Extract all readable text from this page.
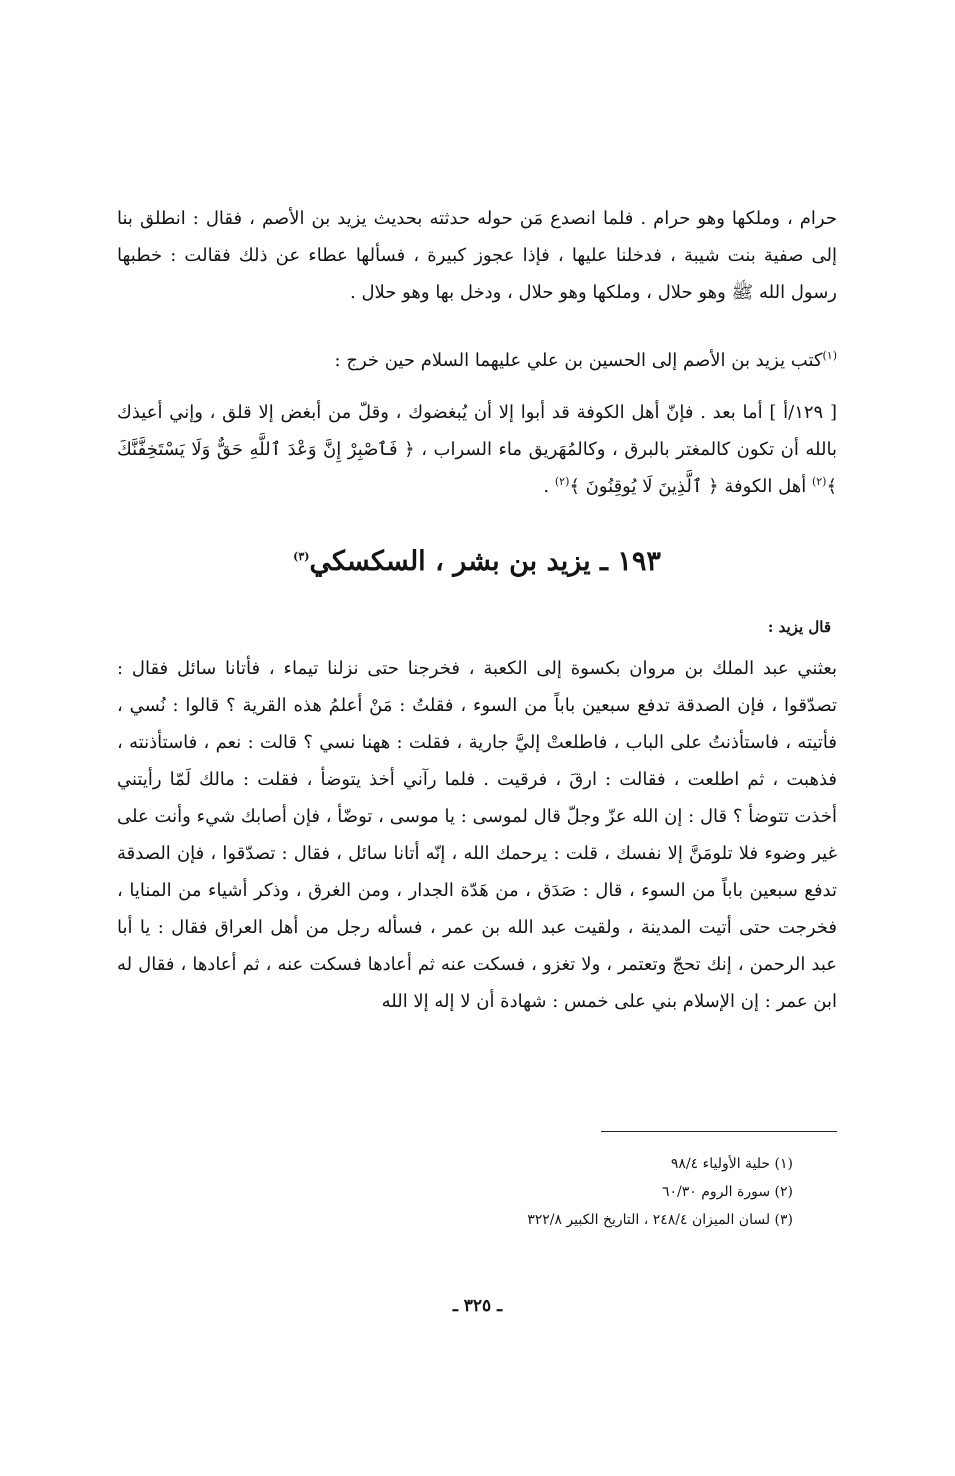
حرام ، وملكها وهو حرام . فلما انصدع مَن حوله حدثته بحديث يزيد بن الأصم ، فقال : انطلق بنا إلى صفية بنت شيبة ، فدخلنا عليها ، فإذا عجوز كبيرة ، فسألها عطاء عن ذلك فقالت : خطبها رسول الله ﷺ وهو حلال ، وملكها وهو حلال ، ودخل بها وهو حلال .

$^{(١)}$كتب يزيد بن الأصم إلى الحسين بن علي عليهما السلام حين خرج :

[ ١٢٩/أ ] أما بعد . فإنّ أهل الكوفة قد أبوا إلا أن يُبغضوك ، وقلّ من أبغض إلا قلق ، وإني أعيذك بالله أن تكون كالمغتر بالبرق ، وكالمُهَريق ماء السراب ، ﴿ فَٱصْبِرْ إِنَّ وَعْدَ ٱللَّهِ حَقٌّ وَلَا يَسْتَخِفَّنَّكَ ﴾$^{(٢)}$ أهل الكوفة ﴿ ٱلَّذِينَ لَا يُوقِنُونَ ﴾$^{(٢)}$ .

١٩٣ ـ يزيد بن بشر ، السكسكي$^{(٣)}$

قال يزيد :

بعثني عبد الملك بن مروان بكسوة إلى الكعبة ، فخرجنا حتى نزلنا تيماء ، فأتانا سائل فقال : تصدّقوا ، فإن الصدقة تدفع سبعين باباً من السوء ، فقلتُ : مَنْ أعلمُ هذه القرية ؟ قالوا : نُسي ، فأتيته ، فاستأذنتُ على الباب ، فاطلعتْ إليَّ جارية ، فقلت : ههنا نسي ؟ قالت : نعم ، فاستأذنته ، فذهبت ، ثم اطلعت ، فقالت : ارقَ ، فرقيت . فلما رآني أخذ يتوضأ ، فقلت : مالك لَمّا رأيتني أخذت تتوضأ ؟ قال : إن الله عزّ وجلّ قال لموسى : يا موسى ، توضّأ ، فإن أصابك شيء وأنت على غير وضوء فلا تلومَنَّ إلا نفسك ، قلت : يرحمك الله ، إنّه أتانا سائل ، فقال : تصدّقوا ، فإن الصدقة تدفع سبعين باباً من السوء ، قال : صَدَق ، من هَدّة الجدار ، ومن الغرق ، وذكر أشياء من المنايا ، فخرجت حتى أتيت المدينة ، ولقيت عبد الله بن عمر ، فسأله رجل من أهل العراق فقال : يا أبا عبد الرحمن ، إنك تحجّ وتعتمر ، ولا تغزو ، فسكت عنه ثم أعادها فسكت عنه ، ثم أعادها ، فقال له ابن عمر : إن الإسلام بني على خمس : شهادة أن لا إله إلا الله

(١) حلية الأولياء ٩٨/٤
(٢) سورة الروم ٦٠/٣٠
(٣) لسان الميزان ٢٤٨/٤ ، التاريخ الكبير ٣٢٢/٨

ـ ٣٢٥ ـ
